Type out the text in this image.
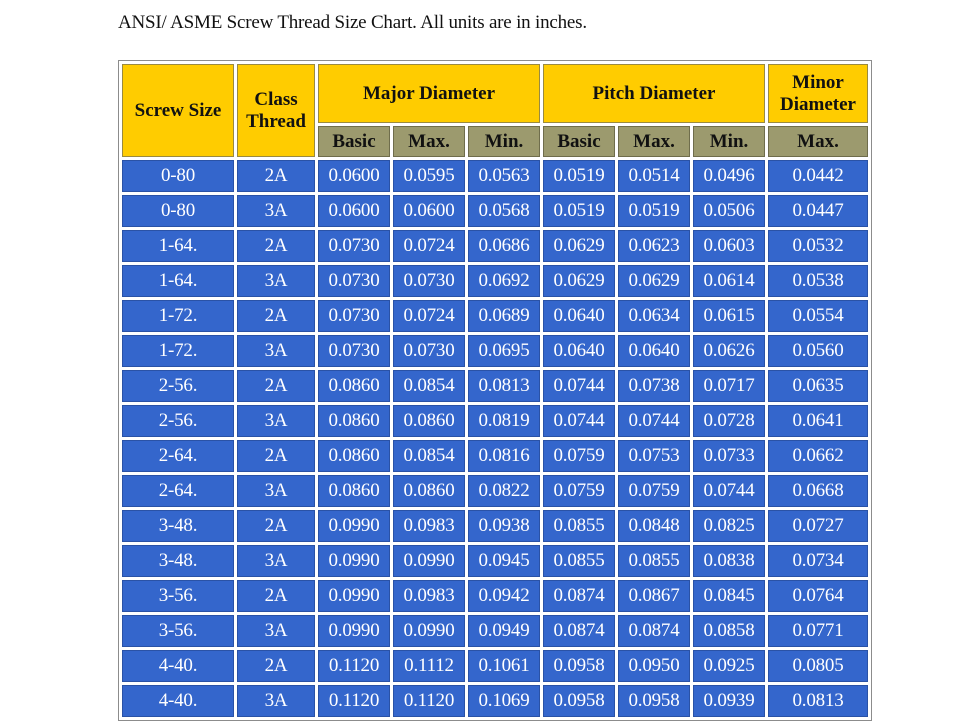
ANSI/ ASME Screw Thread Size Chart. All units are in inches.
Screw Size	Class Thread	Major Diameter			Pitch Diameter			Minor Diameter
		Basic	Max.	Min.	Basic	Max.	Min.	Max.
0-80	2A	0.0600	0.0595	0.0563	0.0519	0.0514	0.0496	0.0442
0-80	3A	0.0600	0.0600	0.0568	0.0519	0.0519	0.0506	0.0447
1-64.	2A	0.0730	0.0724	0.0686	0.0629	0.0623	0.0603	0.0532
1-64.	3A	0.0730	0.0730	0.0692	0.0629	0.0629	0.0614	0.0538
1-72.	2A	0.0730	0.0724	0.0689	0.0640	0.0634	0.0615	0.0554
1-72.	3A	0.0730	0.0730	0.0695	0.0640	0.0640	0.0626	0.0560
2-56.	2A	0.0860	0.0854	0.0813	0.0744	0.0738	0.0717	0.0635
2-56.	3A	0.0860	0.0860	0.0819	0.0744	0.0744	0.0728	0.0641
2-64.	2A	0.0860	0.0854	0.0816	0.0759	0.0753	0.0733	0.0662
2-64.	3A	0.0860	0.0860	0.0822	0.0759	0.0759	0.0744	0.0668
3-48.	2A	0.0990	0.0983	0.0938	0.0855	0.0848	0.0825	0.0727
3-48.	3A	0.0990	0.0990	0.0945	0.0855	0.0855	0.0838	0.0734
3-56.	2A	0.0990	0.0983	0.0942	0.0874	0.0867	0.0845	0.0764
3-56.	3A	0.0990	0.0990	0.0949	0.0874	0.0874	0.0858	0.0771
4-40.	2A	0.1120	0.1112	0.1061	0.0958	0.0950	0.0925	0.0805
4-40.	3A	0.1120	0.1120	0.1069	0.0958	0.0958	0.0939	0.0813
